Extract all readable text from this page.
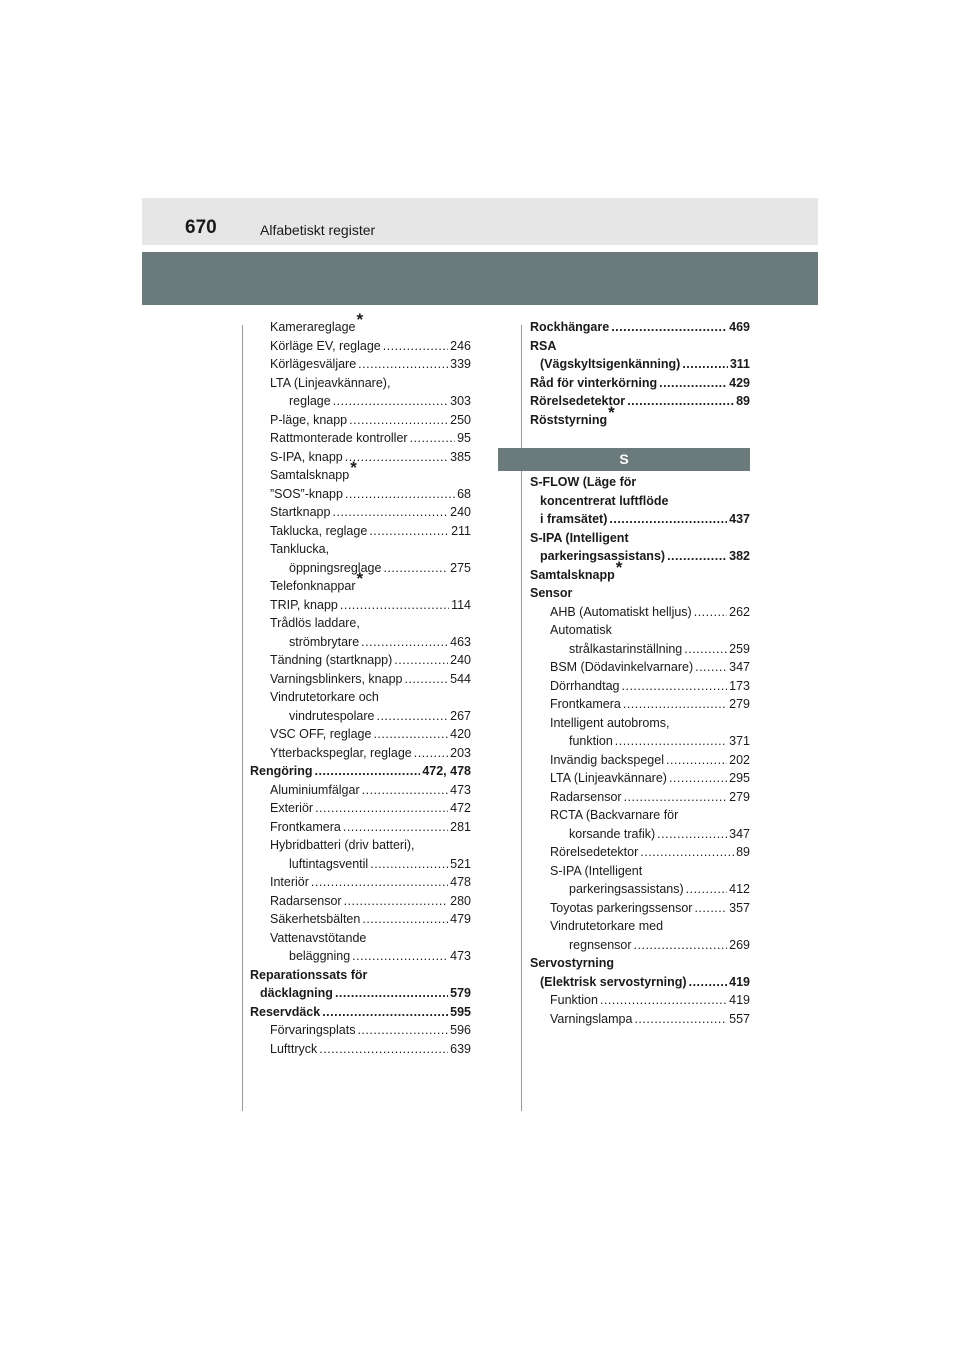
670	Alfabetiskt register
Kamerareglage *
Körläge EV, reglage .....	246
Körlägesväljare .....	339
LTA (Linjeavkännare),
reglage .....	303
P-läge, knapp .....	250
Rattmonterade kontroller .....	95
S-IPA, knapp .....	385
Samtalsknapp *
”SOS”-knapp .....	68
Startknapp .....	240
Taklucka, reglage .....	211
Tanklucka,
öppningsreglage .....	275
Telefonknappar *
TRIP, knapp .....	114
Trådlös laddare,
strömbrytare .....	463
Tändning (startknapp) .....	240
Varningsblinkers, knapp .....	544
Vindrutetorkare och
vindrutespolare .....	267
VSC OFF, reglage .....	420
Ytterbackspeglar, reglage .....	203
Rengöring .....	472, 478
Aluminiumfälgar .....	473
Exteriör .....	472
Frontkamera .....	281
Hybridbatteri (driv batteri),
luftintagsventil .....	521
Interiör .....	478
Radarsensor .....	280
Säkerhetsbälten .....	479
Vattenavstötande
beläggning .....	473
Reparationssats för
däcklagning .....	579
Reservdäck .....	595
Förvaringsplats .....	596
Lufttryck .....	639
Rockhängare .....	469
RSA
(Vägskyltsigenkänning) .....	311
Råd för vinterkörning .....	429
Rörelsedetektor .....	89
Röststyrning *
S
S-FLOW (Läge för
koncentrerat luftflöde
i framsätet) .....	437
S-IPA (Intelligent
parkeringsassistans) .....	382
Samtalsknapp *
Sensor
AHB (Automatiskt helljus) .....	262
Automatisk
strålkastarinställning .....	259
BSM (Dödavinkelvarnare) .....	347
Dörrhandtag .....	173
Frontkamera .....	279
Intelligent autobroms,
funktion .....	371
Invändig backspegel .....	202
LTA (Linjeavkännare) .....	295
Radarsensor .....	279
RCTA (Backvarnare för
korsande trafik) .....	347
Rörelsedetektor .....	89
S-IPA (Intelligent
parkeringsassistans) .....	412
Toyotas parkeringssensor .....	357
Vindrutetorkare med
regnsensor .....	269
Servostyrning
(Elektrisk servostyrning) .....	419
Funktion .....	419
Varningslampa .....	557
